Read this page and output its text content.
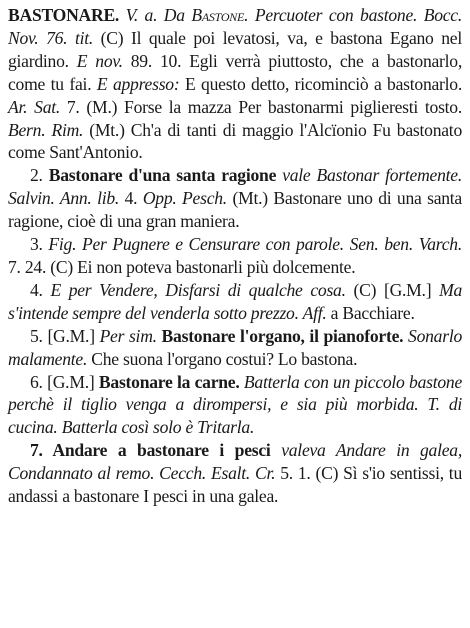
BASTONARE. V. a. Da Bastone. Percuoter con bastone. Bocc. Nov. 76. tit. (C) Il quale poi levatosi, va, e bastona Egano nel giardino. E nov. 89. 10. Egli verrà piuttosto, che a bastonarlo, come tu fai. E appresso: E questo detto, ricominciò a bastonarlo. Ar. Sat. 7. (M.) Forse la mazza Per bastonarmi piglieresti tosto. Bern. Rim. (Mt.) Ch'a di tanti di maggio l'Alcïonio Fu bastonato come Sant'Antonio.

2. Bastonare d'una santa ragione vale Bastonar fortemente. Salvin. Ann. lib. 4. Opp. Pesch. (Mt.) Bastonare uno di una santa ragione, cioè di una gran maniera.

3. Fig. Per Pugnere e Censurare con parole. Sen. ben. Varch. 7. 24. (C) Ei non poteva bastonarli più dolcemente.

4. E per Vendere, Disfarsi di qualche cosa. (C) [G.M.] Ma s'intende sempre del venderla sotto prezzo. Aff. a Bacchiare.

5. [G.M.] Per sim. Bastonare l'organo, il pianoforte. Sonarlo malamente. Che suona l'organo costui? Lo bastona.

6. [G.M.] Bastonare la carne. Batterla con un piccolo bastone perchè il tiglio venga a dirompersi, e sia più morbida. T. di cucina. Batterla così solo è Tritarla.

7. Andare a bastonare i pesci valeva Andare in galea, Condannato al remo. Cecch. Esalt. Cr. 5. 1. (C) Sì s'io sentissi, tu andassi a bastonare I pesci in una galea.
